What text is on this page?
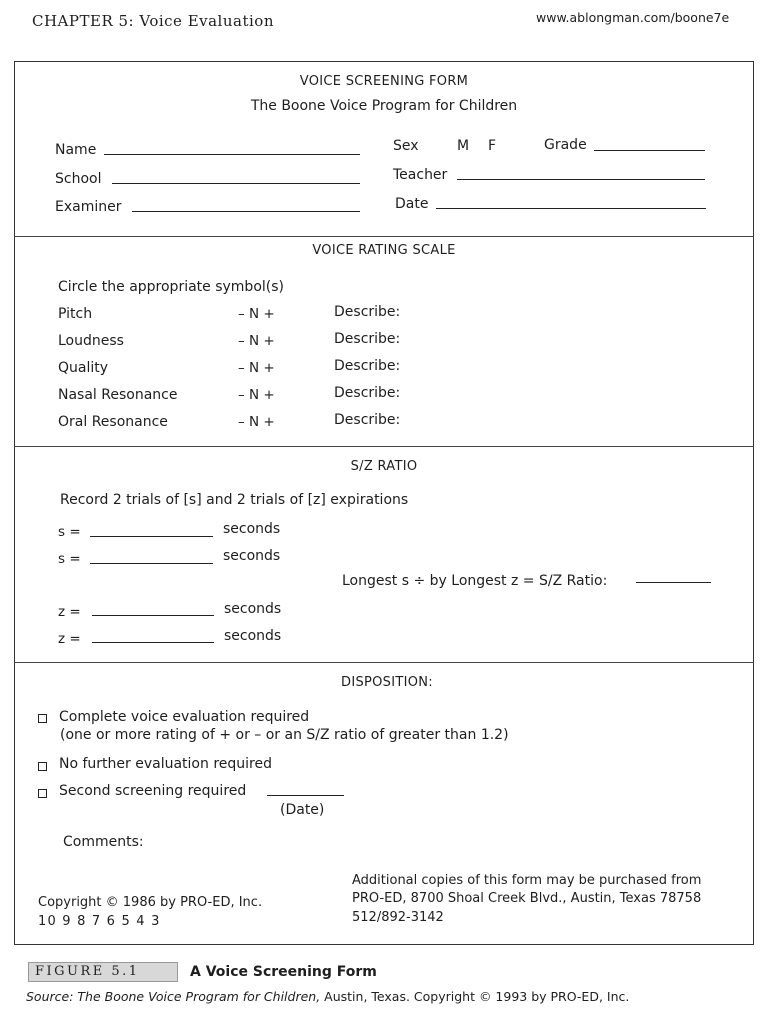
CHAPTER 5: Voice Evaluation	www.ablongman.com/boone7e
VOICE SCREENING FORM
The Boone Voice Program for Children
Name
School
Examiner
Sex	M F	Grade
Teacher
Date
VOICE RATING SCALE
Circle the appropriate symbol(s)
Pitch	– N +	Describe:
Loudness	– N +	Describe:
Quality	– N +	Describe:
Nasal Resonance	– N +	Describe:
Oral Resonance	– N +	Describe:
S/Z RATIO
Record 2 trials of [s] and 2 trials of [z] expirations
s =	seconds
s =	seconds
Longest s ÷ by Longest z = S/Z Ratio:
z =	seconds
z =	seconds
DISPOSITION:
Complete voice evaluation required
(one or more rating of + or – or an S/Z ratio of greater than 1.2)
No further evaluation required
Second screening required
(Date)
Comments:
Copyright © 1986 by PRO-ED, Inc.
10 9 8 7 6 5 4 3
Additional copies of this form may be purchased from
PRO-ED, 8700 Shoal Creek Blvd., Austin, Texas 78758
512/892-3142
FIGURE 5.1	A Voice Screening Form
Source: The Boone Voice Program for Children, Austin, Texas. Copyright © 1993 by PRO-ED, Inc.
